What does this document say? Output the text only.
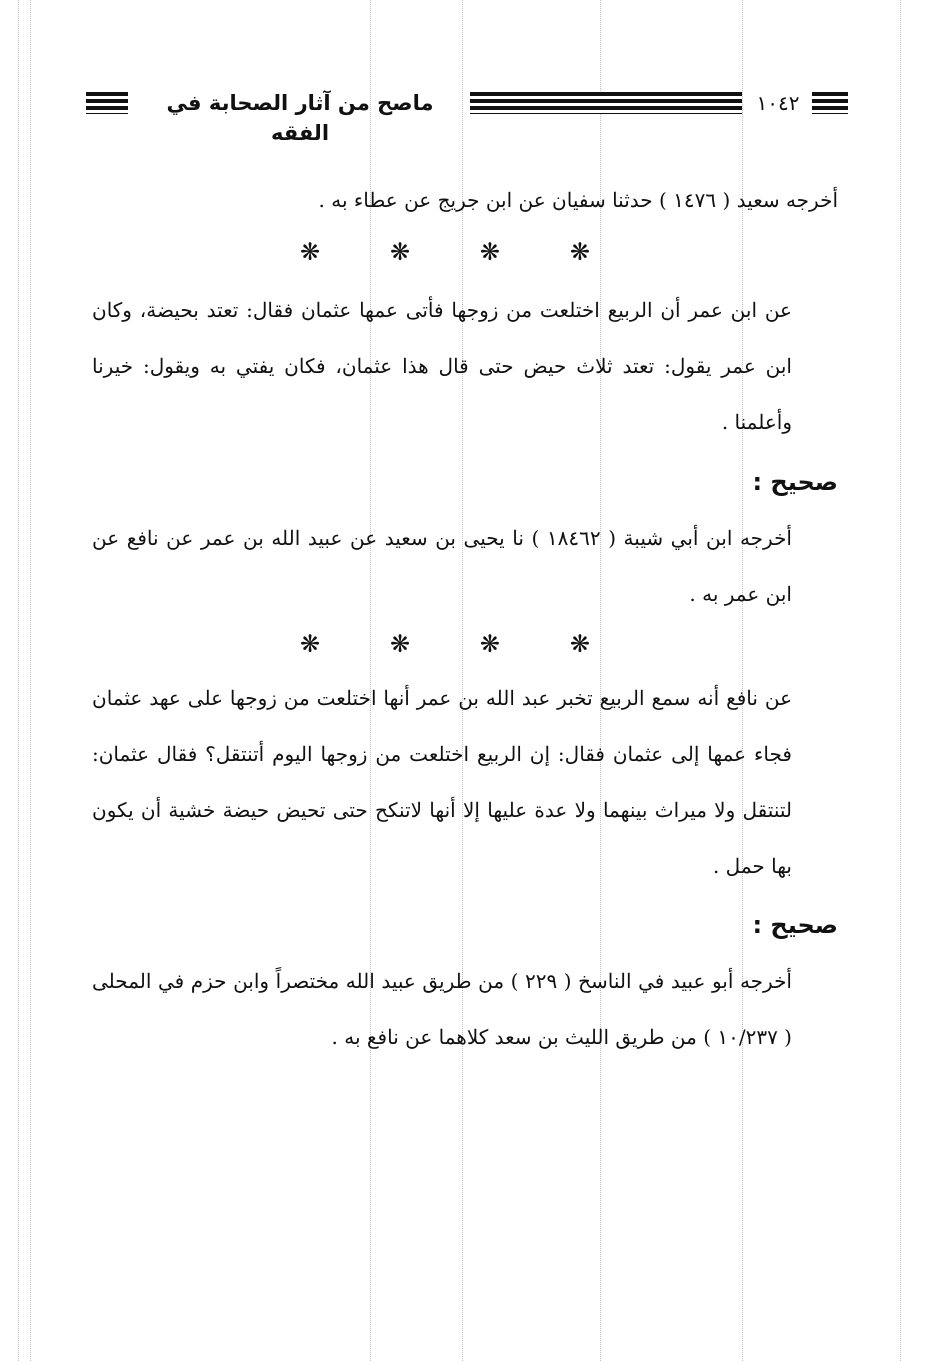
ماصح من آثار الصحابة في الفقه
١٠٤٢
أخرجه سعيد ( ١٤٧٦ ) حدثنا سفيان عن ابن جريج عن عطاء به .
❋	❋	❋	❋
عن ابن عمر أن الربيع اختلعت من زوجها فأتى عمها عثمان فقال: تعتد بحيضة، وكان ابن عمر يقول: تعتد ثلاث حيض حتى قال هذا عثمان، فكان يفتي به ويقول: خيرنا وأعلمنا .
صحيح :
أخرجه ابن أبي شيبة ( ١٨٤٦٢ ) نا يحيى بن سعيد عن عبيد الله بن عمر عن نافع عن ابن عمر به .
❋	❋	❋	❋
عن نافع أنه سمع الربيع تخبر عبد الله بن عمر أنها اختلعت من زوجها على عهد عثمان فجاء عمها إلى عثمان فقال: إن الربيع اختلعت من زوجها اليوم أتنتقل؟ فقال عثمان: لتنتقل ولا ميراث بينهما ولا عدة عليها إلا أنها لاتنكح حتى تحيض حيضة خشية أن يكون بها حمل .
صحيح :
أخرجه أبو عبيد في الناسخ ( ٢٢٩ ) من طريق عبيد الله مختصراً وابن حزم في المحلى ( ١٠/٢٣٧ ) من طريق الليث بن سعد كلاهما عن نافع به .
